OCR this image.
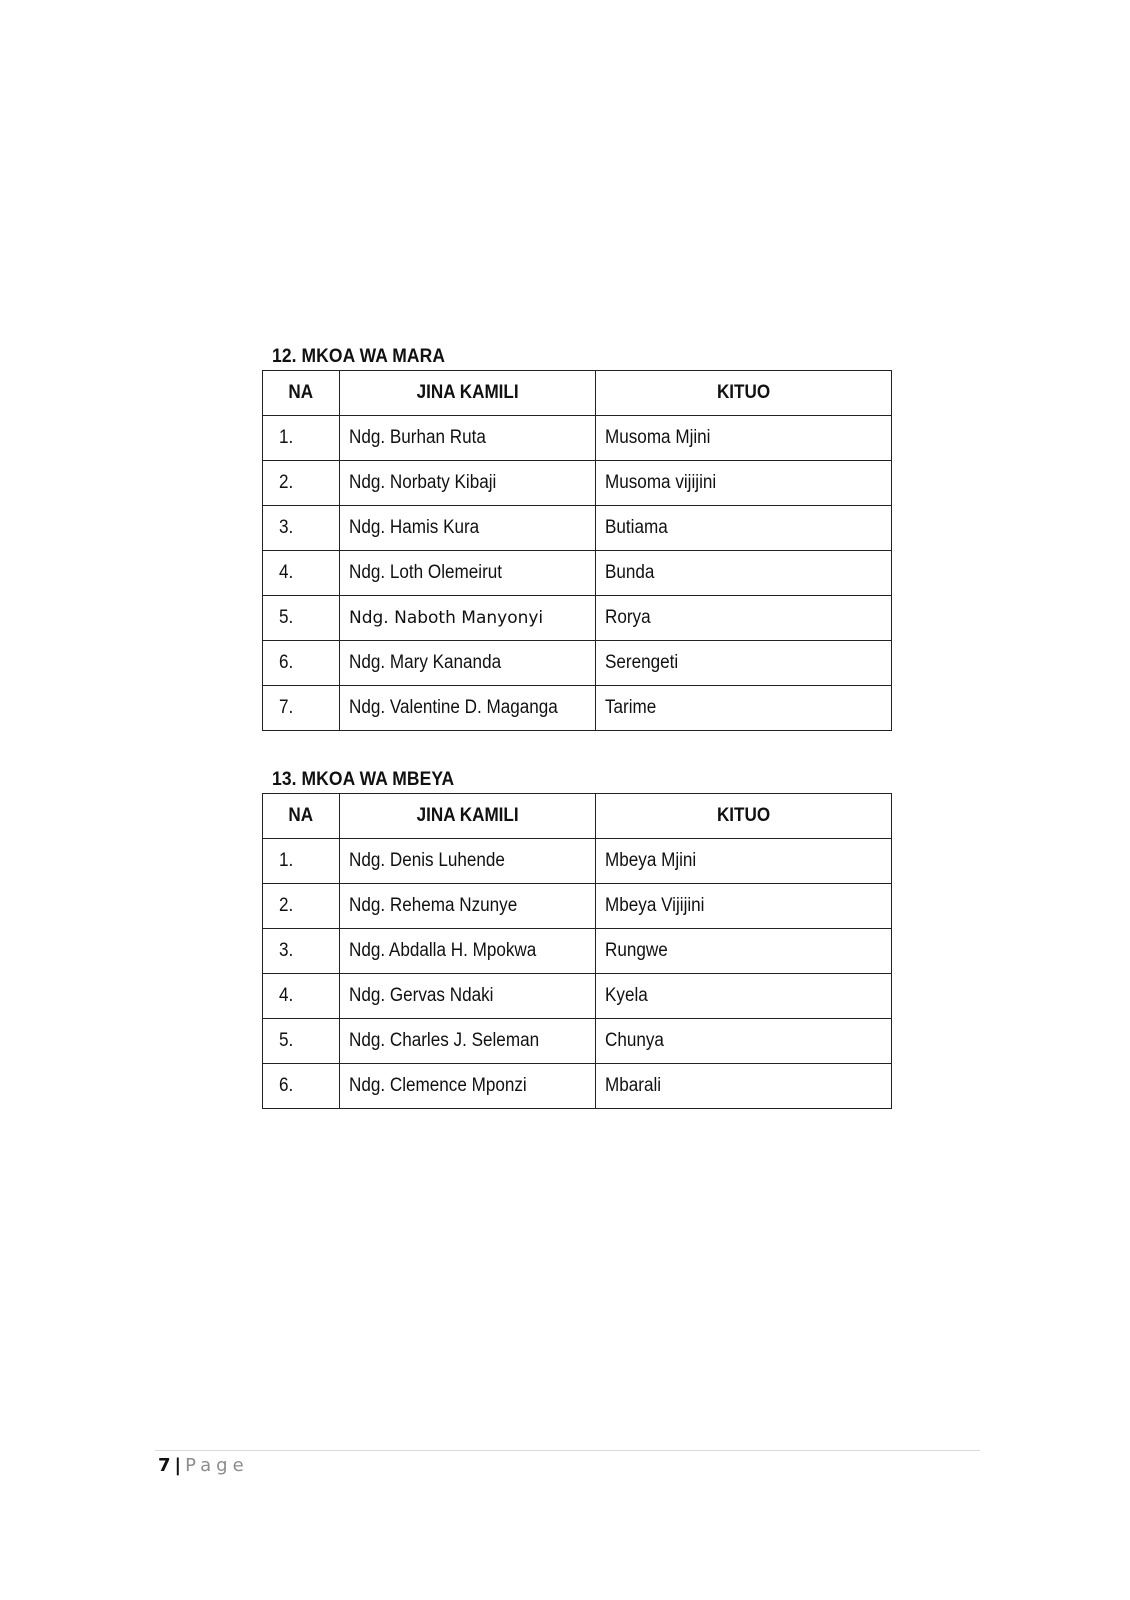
12. MKOA WA MARA
NA	JINA KAMILI	KITUO
1.	Ndg. Burhan Ruta	Musoma Mjini
2.	Ndg. Norbaty Kibaji	Musoma vijijini
3.	Ndg. Hamis Kura	Butiama
4.	Ndg. Loth Olemeirut	Bunda
5.	Ndg. Naboth Manyonyi	Rorya
6.	Ndg. Mary Kananda	Serengeti
7.	Ndg. Valentine D. Maganga	Tarime
13. MKOA WA MBEYA
NA	JINA KAMILI	KITUO
1.	Ndg. Denis Luhende	Mbeya Mjini
2.	Ndg. Rehema Nzunye	Mbeya Vijijini
3.	Ndg. Abdalla H. Mpokwa	Rungwe
4.	Ndg. Gervas Ndaki	Kyela
5.	Ndg. Charles J. Seleman	Chunya
6.	Ndg. Clemence Mponzi	Mbarali
7 | Page
